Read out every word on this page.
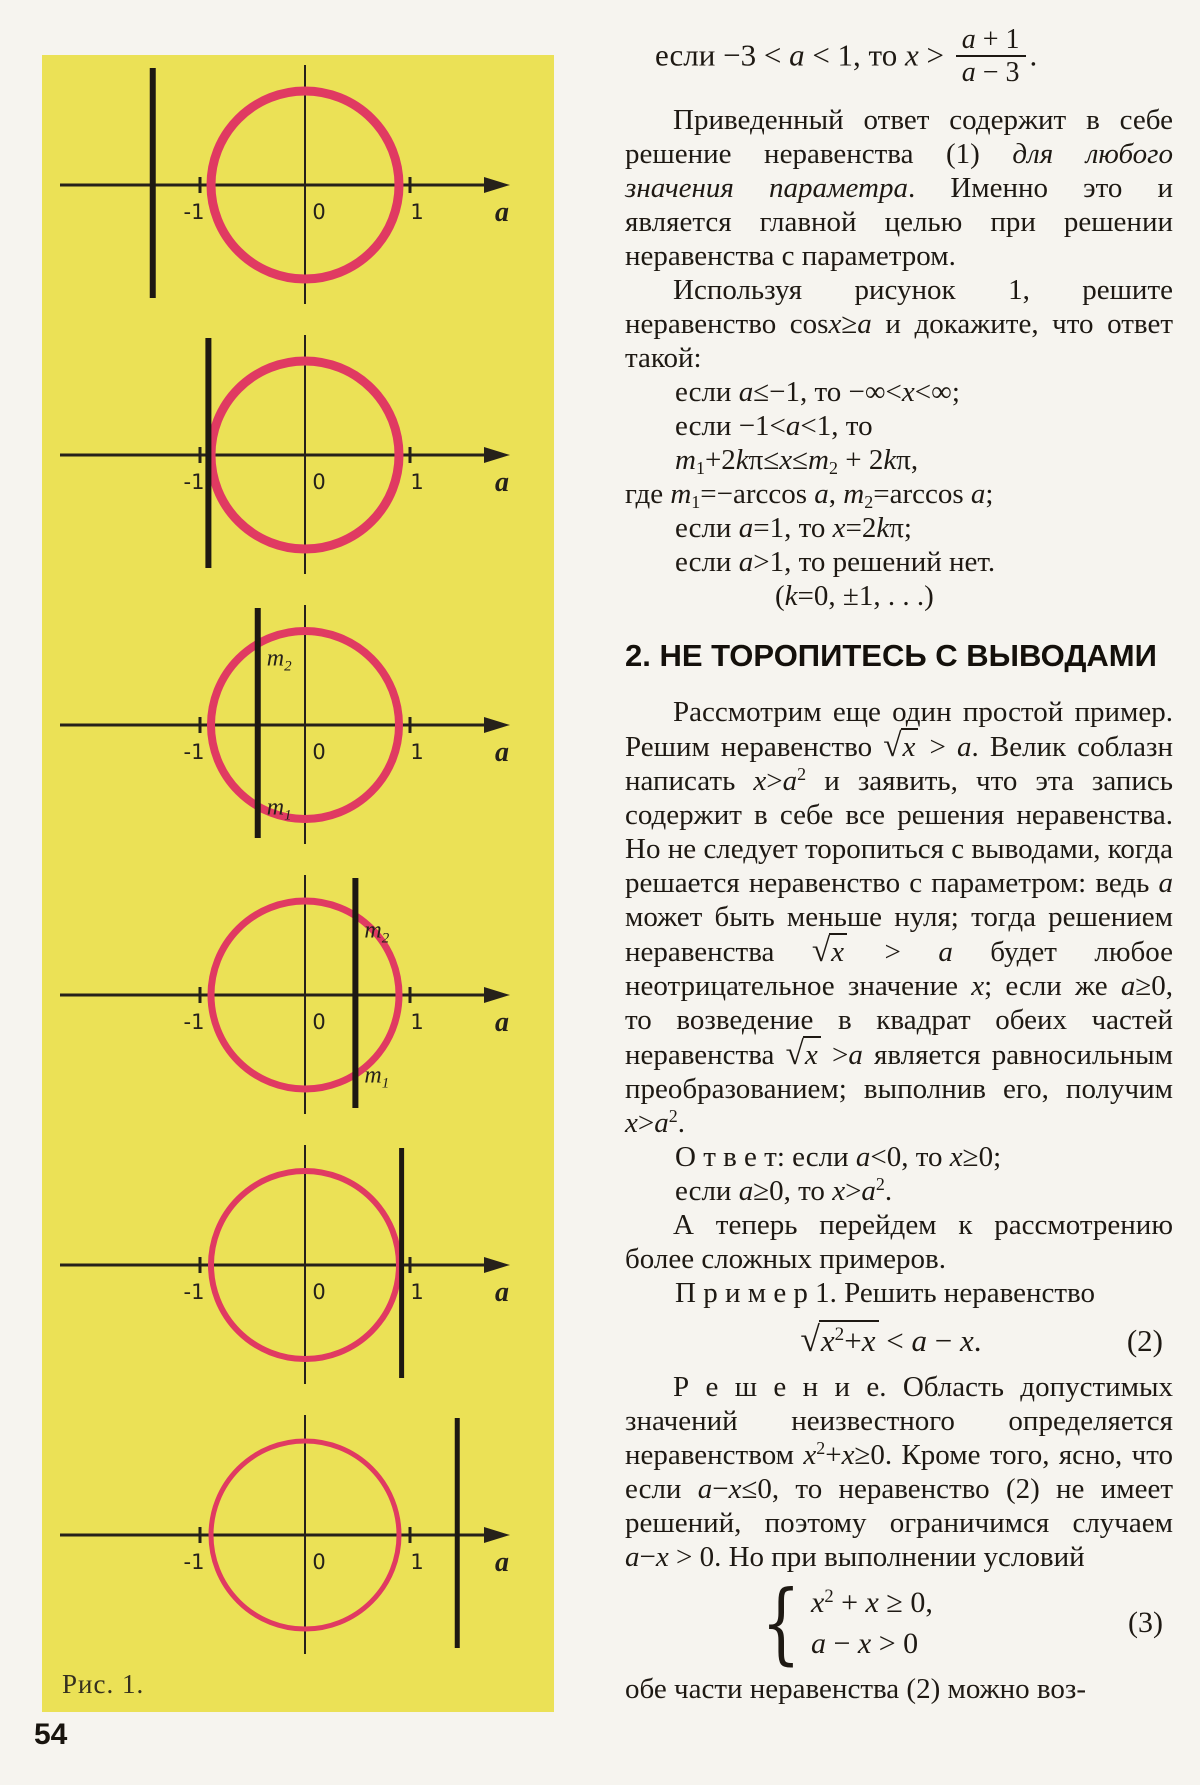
-1	0	1	a
-1	0	1	a
-1	0	1	a
$m_2$
$m_1$
-1	0	1	a
$m_2$
$m_1$
-1	0	1	a
-1	0	1	a
Рис. 1.
54
если −3 < a < 1, то $x > \frac{a + 1}{a - 3}$ .

Приведенный ответ содержит в себе решение неравенства (1) для любого значения параметра. Именно это и является главной целью при решении неравенства с параметром.

Используя рисунок 1, решите неравенство cosx≥a и докажите, что ответ такой:

если a≤−1, то −∞<x<∞;
если −1<a<1, то
$m_1+2k\pi\le x\le m_2 + 2k\pi$,
где $m_1=-\arccos$ a, $m_2=\arccos$ a;
если a=1, то x=2kπ;
если a>1, то решений нет.
(k=0, ±1, . . .)
2. НЕ ТОРОПИТЕСЬ С ВЫВОДАМИ

Рассмотрим еще один простой пример. Решим неравенство √x > a. Велик соблазн написать $x>a^2$ и заявить, что эта запись содержит в себе все решения неравенства. Но не следует торопиться с выводами, когда решается неравенство с параметром: ведь a может быть меньше нуля; тогда решением неравенства √x > a будет любое неотрицательное значение x; если же a≥0, то возведение в квадрат обеих частей неравенства √x >a является равносильным преобразованием; выполнив его, получим $x>a^2$.

О т в е т: если a<0, то x≥0;
если a≥0, то $x>a^2$.

А теперь перейдем к рассмотрению более сложных примеров.

П р и м е р 1. Решить неравенство
$√x^2+x < a - x$.	(2)

Р е ш е н и е. Область допустимых значений неизвестного определяется неравенством $x^2+x\ge 0$. Кроме того, ясно, что если a−x≤0, то неравенство (2) не имеет решений, поэтому ограничимся случаем a−x > 0. Но при выполнении условий

{ $x^2 + x \ge 0$,
a − x > 0
(3)

обе части неравенства (2) можно воз-
